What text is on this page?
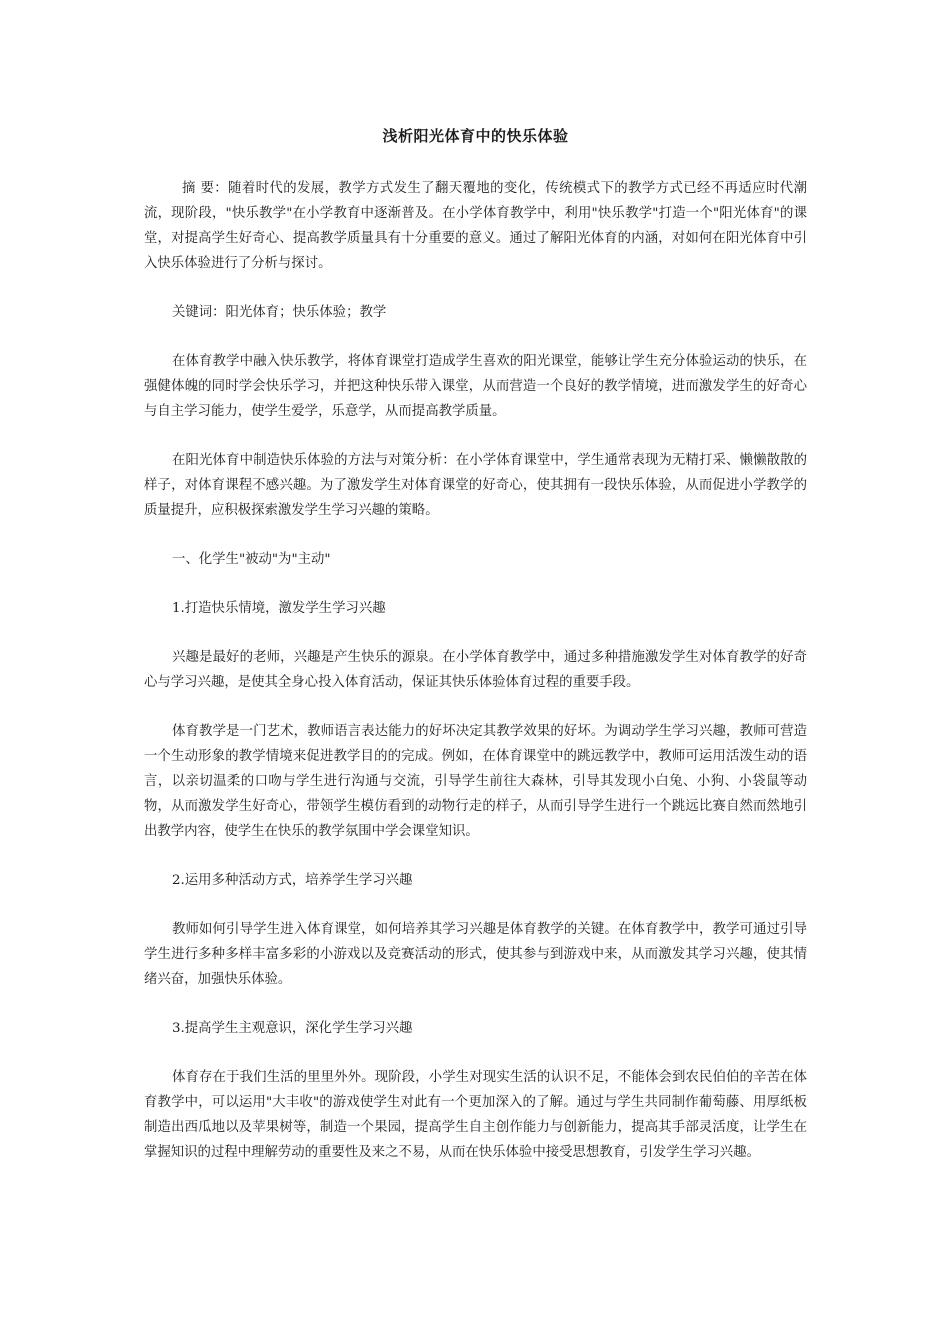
浅析阳光体育中的快乐体验

摘 要：随着时代的发展，教学方式发生了翻天覆地的变化，传统模式下的教学方式已经不再适应时代潮流，现阶段，"快乐教学"在小学教育中逐渐普及。在小学体育教学中，利用"快乐教学"打造一个"阳光体育"的课堂，对提高学生好奇心、提高教学质量具有十分重要的意义。通过了解阳光体育的内涵，对如何在阳光体育中引入快乐体验进行了分析与探讨。

关键词：阳光体育；快乐体验；教学

在体育教学中融入快乐教学，将体育课堂打造成学生喜欢的阳光课堂，能够让学生充分体验运动的快乐，在强健体魄的同时学会快乐学习，并把这种快乐带入课堂，从而营造一个良好的教学情境，进而激发学生的好奇心与自主学习能力，使学生爱学，乐意学，从而提高教学质量。

在阳光体育中制造快乐体验的方法与对策分析：在小学体育课堂中，学生通常表现为无精打采、懒懒散散的样子，对体育课程不感兴趣。为了激发学生对体育课堂的好奇心，使其拥有一段快乐体验，从而促进小学教学的质量提升，应积极探索激发学生学习兴趣的策略。

一、化学生"被动"为"主动"

1.打造快乐情境，激发学生学习兴趣

兴趣是最好的老师，兴趣是产生快乐的源泉。在小学体育教学中，通过多种措施激发学生对体育教学的好奇心与学习兴趣，是使其全身心投入体育活动，保证其快乐体验体育过程的重要手段。

体育教学是一门艺术，教师语言表达能力的好坏决定其教学效果的好坏。为调动学生学习兴趣，教师可营造一个生动形象的教学情境来促进教学目的的完成。例如，在体育课堂中的跳远教学中，教师可运用活泼生动的语言，以亲切温柔的口吻与学生进行沟通与交流，引导学生前往大森林，引导其发现小白兔、小狗、小袋鼠等动物，从而激发学生好奇心，带领学生模仿看到的动物行走的样子，从而引导学生进行一个跳远比赛自然而然地引出教学内容，使学生在快乐的教学氛围中学会课堂知识。

2.运用多种活动方式，培养学生学习兴趣

教师如何引导学生进入体育课堂，如何培养其学习兴趣是体育教学的关键。在体育教学中，教学可通过引导学生进行多种多样丰富多彩的小游戏以及竞赛活动的形式，使其参与到游戏中来，从而激发其学习兴趣，使其情绪兴奋，加强快乐体验。

3.提高学生主观意识，深化学生学习兴趣

体育存在于我们生活的里里外外。现阶段，小学生对现实生活的认识不足，不能体会到农民伯伯的辛苦在体育教学中，可以运用"大丰收"的游戏使学生对此有一个更加深入的了解。通过与学生共同制作葡萄藤、用厚纸板制造出西瓜地以及苹果树等，制造一个果园，提高学生自主创作能力与创新能力，提高其手部灵活度，让学生在掌握知识的过程中理解劳动的重要性及来之不易，从而在快乐体验中接受思想教育，引发学生学习兴趣。
